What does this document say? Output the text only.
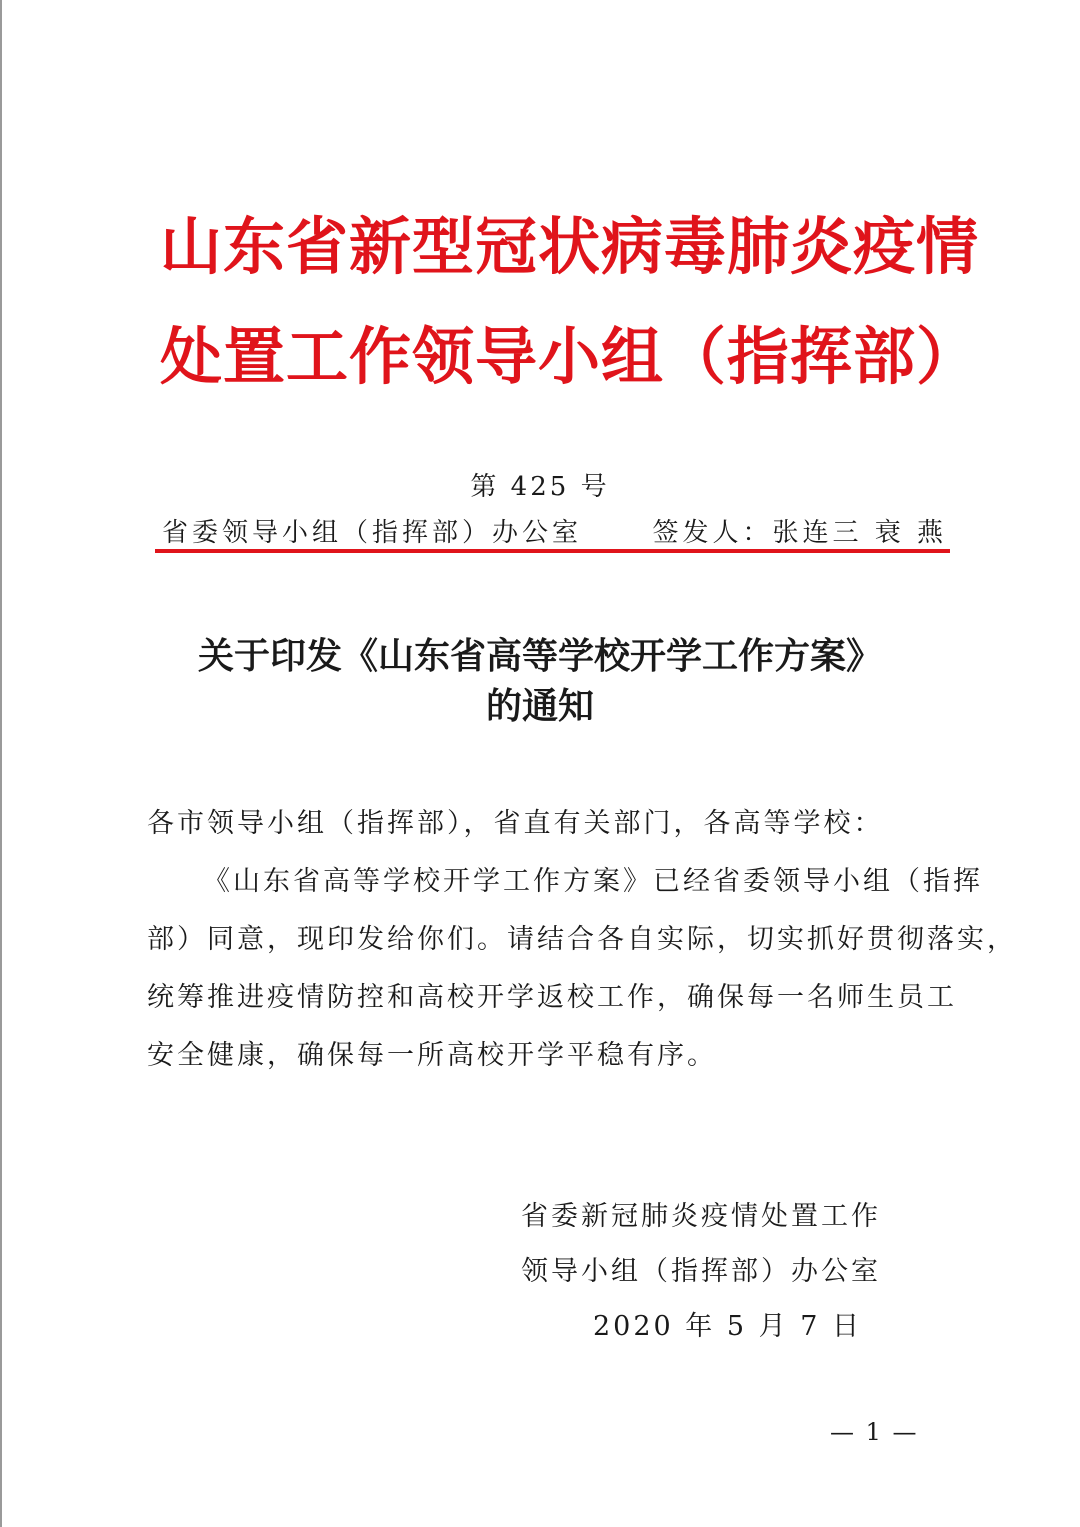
山东省新型冠状病毒肺炎疫情
处置工作领导小组（指挥部）
第 425 号
省委领导小组（指挥部）办公室	签发人：张连三 衰 燕
关于印发《山东省高等学校开学工作方案》
的通知
各市领导小组（指挥部），省直有关部门，各高等学校：
《山东省高等学校开学工作方案》已经省委领导小组（指挥
部）同意，现印发给你们。请结合各自实际，切实抓好贯彻落实，
统筹推进疫情防控和高校开学返校工作，确保每一名师生员工
安全健康，确保每一所高校开学平稳有序。
省委新冠肺炎疫情处置工作
领导小组（指挥部）办公室
2020 年 5 月 7 日
— 1 —
